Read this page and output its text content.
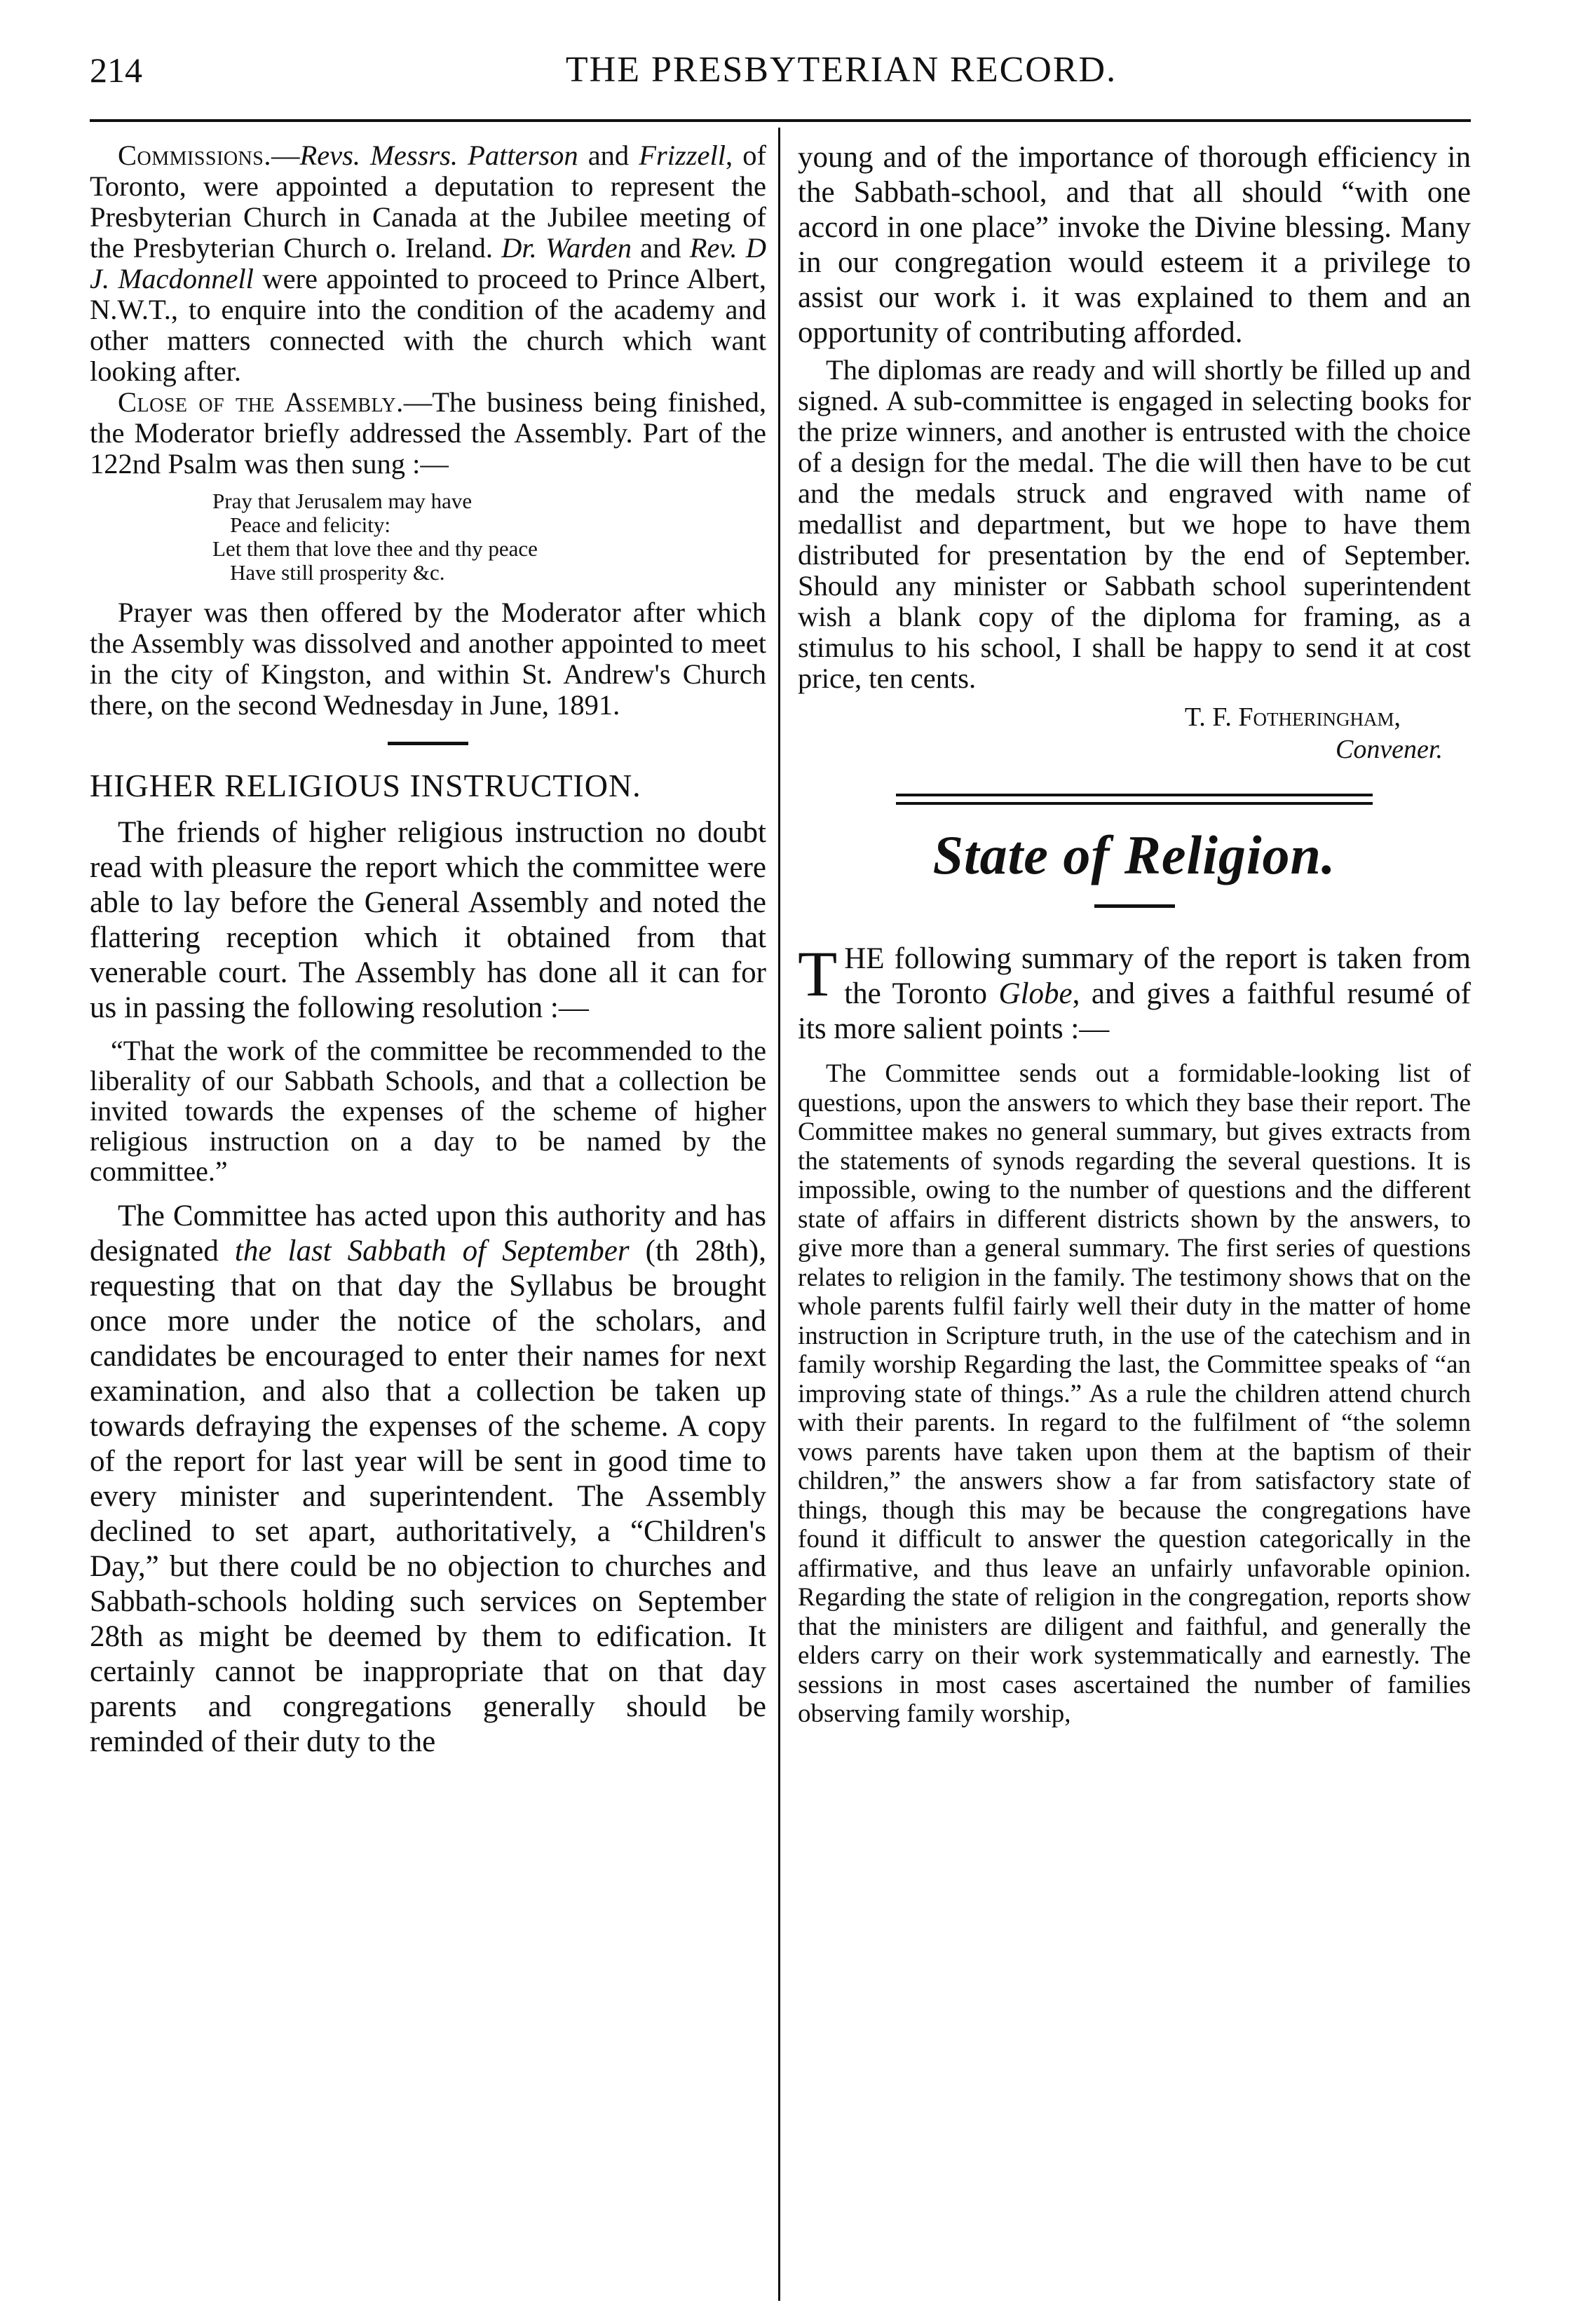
214	THE PRESBYTERIAN RECORD.

Commissions.—Revs. Messrs. Patterson and Frizzell, of Toronto, were appointed a deputation to represent the Presbyterian Church in Canada at the Jubilee meeting of the Presbyterian Church o. Ireland. Dr. Warden and Rev. D J. Macdonnell were appointed to proceed to Prince Albert, N.W.T., to enquire into the condition of the academy and other matters connected with the church which want looking after.

Close of the Assembly.—The business being finished, the Moderator briefly addressed the Assembly. Part of the 122nd Psalm was then sung :—

Pray that Jerusalem may have
Peace and felicity:
Let them that love thee and thy peace
Have still prosperity &c.

Prayer was then offered by the Moderator after which the Assembly was dissolved and another appointed to meet in the city of Kingston, and within St. Andrew's Church there, on the second Wednesday in June, 1891.

HIGHER RELIGIOUS INSTRUCTION.

The friends of higher religious instruction no doubt read with pleasure the report which the committee were able to lay before the General Assembly and noted the flattering reception which it obtained from that venerable court. The Assembly has done all it can for us in passing the following resolution :—

“That the work of the committee be recommended to the liberality of our Sabbath Schools, and that a collection be invited towards the expenses of the scheme of higher religious instruction on a day to be named by the committee.”

The Committee has acted upon this authority and has designated the last Sabbath of September (th 28th), requesting that on that day the Syllabus be brought once more under the notice of the scholars, and candidates be encouraged to enter their names for next examination, and also that a collection be taken up towards defraying the expenses of the scheme. A copy of the report for last year will be sent in good time to every minister and superintendent. The Assembly declined to set apart, authoritatively, a “Children's Day,” but there could be no objection to churches and Sabbath-schools holding such services on September 28th as might be deemed by them to edification. It certainly cannot be inappropriate that on that day parents and congregations generally should be reminded of their duty to the

young and of the importance of thorough efficiency in the Sabbath-school, and that all should “with one accord in one place” invoke the Divine blessing. Many in our congregation would esteem it a privilege to assist our work i. it was explained to them and an opportunity of contributing afforded.

The diplomas are ready and will shortly be filled up and signed. A sub-committee is engaged in selecting books for the prize winners, and another is entrusted with the choice of a design for the medal. The die will then have to be cut and the medals struck and engraved with name of medallist and department, but we hope to have them distributed for presentation by the end of September. Should any minister or Sabbath school superintendent wish a blank copy of the diploma for framing, as a stimulus to his school, I shall be happy to send it at cost price, ten cents.

T. F. Fotheringham,
Convener.
State of Religion.

THE following summary of the report is taken from the Toronto Globe, and gives a faithful resumé of its more salient points :—

The Committee sends out a formidable-looking list of questions, upon the answers to which they base their report. The Committee makes no general summary, but gives extracts from the statements of synods regarding the several questions. It is impossible, owing to the number of questions and the different state of affairs in different districts shown by the answers, to give more than a general summary. The first series of questions relates to religion in the family. The testimony shows that on the whole parents fulfil fairly well their duty in the matter of home instruction in Scripture truth, in the use of the catechism and in family worship Regarding the last, the Committee speaks of “an improving state of things.” As a rule the children attend church with their parents. In regard to the fulfilment of “the solemn vows parents have taken upon them at the baptism of their children,” the answers show a far from satisfactory state of things, though this may be because the congregations have found it difficult to answer the question categorically in the affirmative, and thus leave an unfairly unfavorable opinion. Regarding the state of religion in the congregation, reports show that the ministers are diligent and faithful, and generally the elders carry on their work systemmatically and earnestly. The sessions in most cases ascertained the number of families observing family worship,
